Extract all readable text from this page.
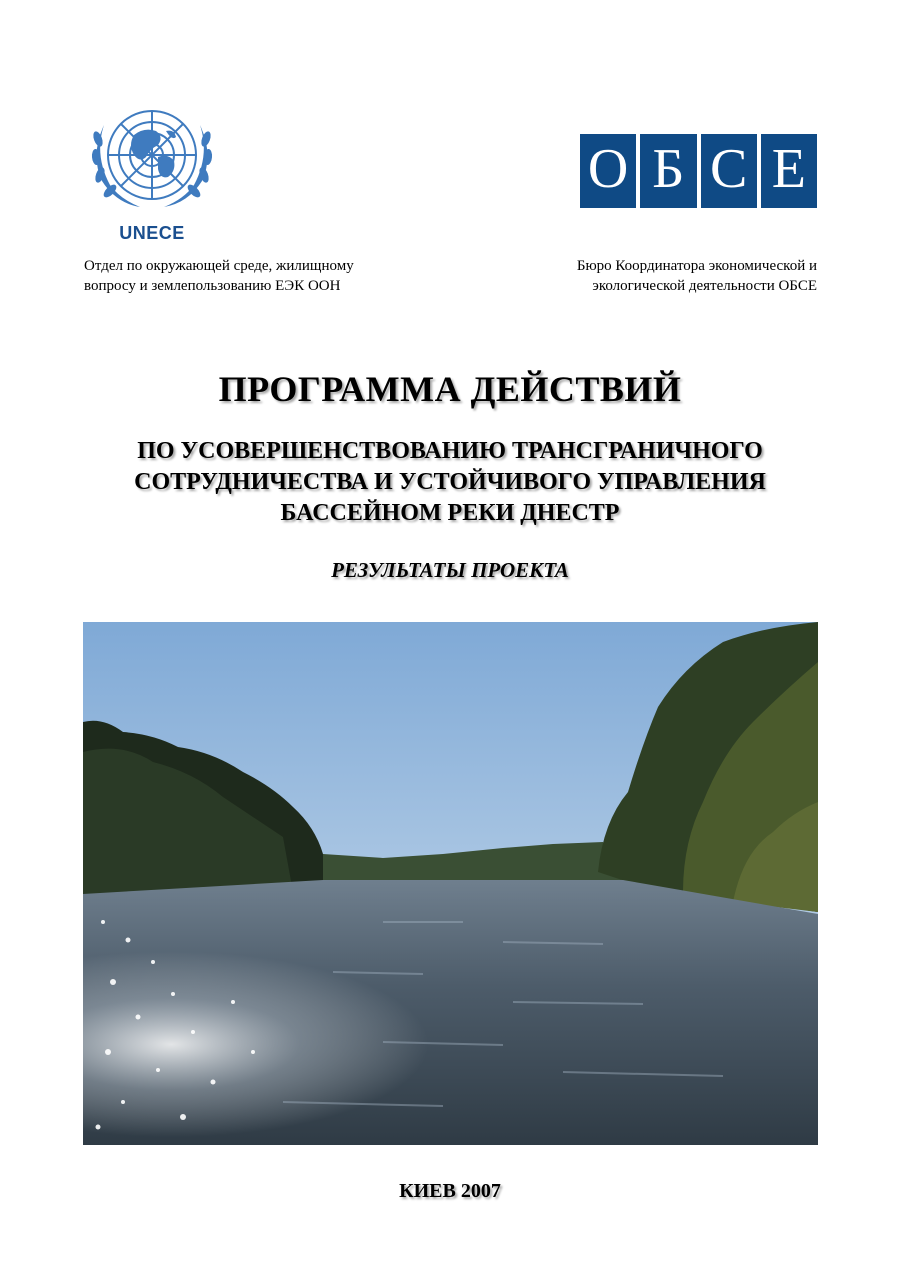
UNECE
О Б С Е
Отдел по окружающей среде, жилищному
вопросу и землепользованию ЕЭК ООН
Бюро Координатора экономической и
экологической деятельности ОБСЕ
ПРОГРАММА ДЕЙСТВИЙ
ПО УСОВЕРШЕНСТВОВАНИЮ ТРАНСГРАНИЧНОГО
СОТРУДНИЧЕСТВА И УСТОЙЧИВОГО УПРАВЛЕНИЯ
БАССЕЙНОМ РЕКИ ДНЕСТР
РЕЗУЛЬТАТЫ ПРОЕКТА
КИЕВ 2007
